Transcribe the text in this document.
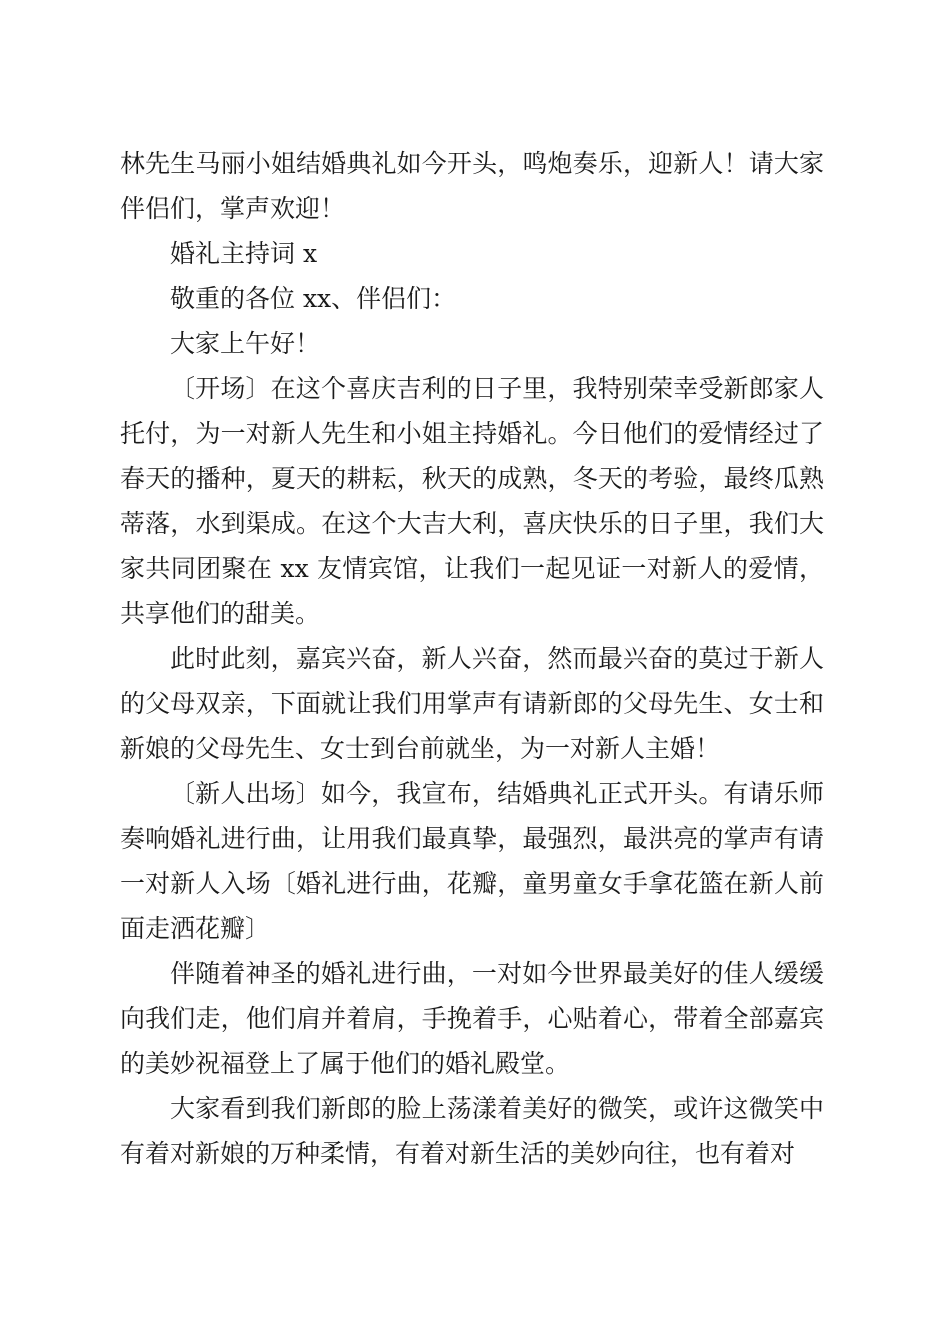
林先生马丽小姐结婚典礼如今开头，鸣炮奏乐，迎新人！请大家伴侣们，掌声欢迎！

婚礼主持词 x

敬重的各位 xx、伴侣们：

大家上午好！

〔开场〕在这个喜庆吉利的日子里，我特别荣幸受新郎家人托付，为一对新人先生和小姐主持婚礼。今日他们的爱情经过了春天的播种，夏天的耕耘，秋天的成熟，冬天的考验，最终瓜熟蒂落，水到渠成。在这个大吉大利，喜庆快乐的日子里，我们大家共同团聚在 xx 友情宾馆，让我们一起见证一对新人的爱情，共享他们的甜美。

此时此刻，嘉宾兴奋，新人兴奋，然而最兴奋的莫过于新人的父母双亲，下面就让我们用掌声有请新郎的父母先生、女士和新娘的父母先生、女士到台前就坐，为一对新人主婚！

〔新人出场〕如今，我宣布，结婚典礼正式开头。有请乐师奏响婚礼进行曲，让用我们最真挚，最强烈，最洪亮的掌声有请一对新人入场〔婚礼进行曲，花瓣，童男童女手拿花篮在新人前面走洒花瓣〕

伴随着神圣的婚礼进行曲，一对如今世界最美好的佳人缓缓向我们走，他们肩并着肩，手挽着手，心贴着心，带着全部嘉宾的美妙祝福登上了属于他们的婚礼殿堂。

大家看到我们新郎的脸上荡漾着美好的微笑，或许这微笑中有着对新娘的万种柔情，有着对新生活的美妙向往，也有着对
